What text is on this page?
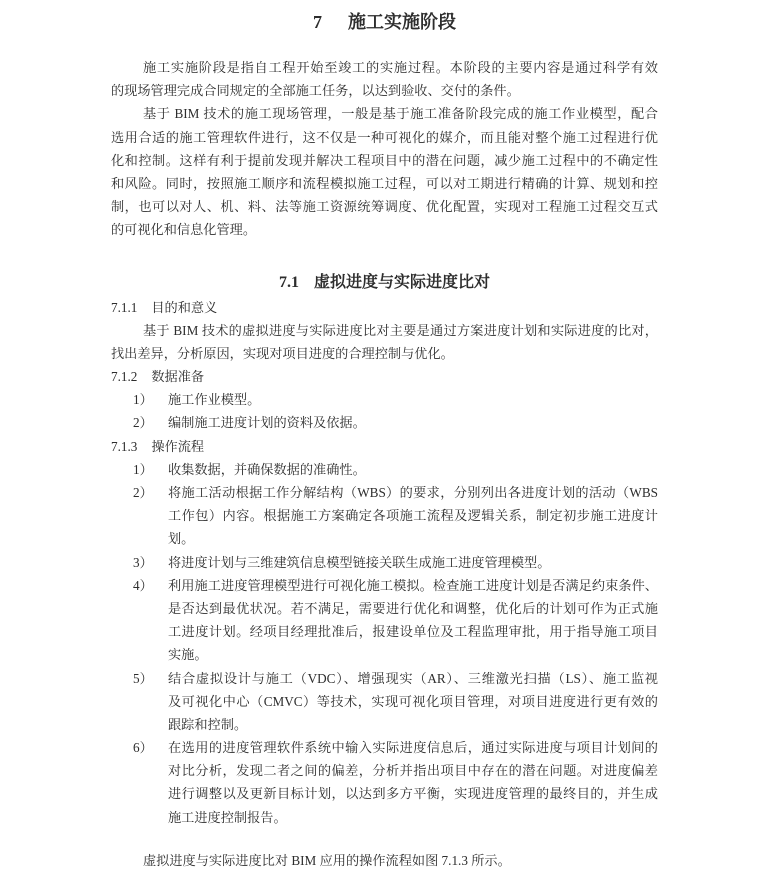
7 施工实施阶段
施工实施阶段是指自工程开始至竣工的实施过程。本阶段的主要内容是通过科学有效
的现场管理完成合同规定的全部施工任务，以达到验收、交付的条件。
基于 BIM 技术的施工现场管理，一般是基于施工准备阶段完成的施工作业模型，配合
选用合适的施工管理软件进行，这不仅是一种可视化的媒介，而且能对整个施工过程进行优
化和控制。这样有利于提前发现并解决工程项目中的潜在问题，减少施工过程中的不确定性
和风险。同时，按照施工顺序和流程模拟施工过程，可以对工期进行精确的计算、规划和控
制，也可以对人、机、料、法等施工资源统筹调度、优化配置，实现对工程施工过程交互式
的可视化和信息化管理。
7.1 虚拟进度与实际进度比对
7.1.1 目的和意义
基于 BIM 技术的虚拟进度与实际进度比对主要是通过方案进度计划和实际进度的比对，
找出差异，分析原因，实现对项目进度的合理控制与优化。
7.1.2 数据准备
1） 施工作业模型。
2） 编制施工进度计划的资料及依据。
7.1.3 操作流程
1） 收集数据，并确保数据的准确性。
2） 将施工活动根据工作分解结构（WBS）的要求，分别列出各进度计划的活动（WBS
工作包）内容。根据施工方案确定各项施工流程及逻辑关系，制定初步施工进度计
划。
3） 将进度计划与三维建筑信息模型链接关联生成施工进度管理模型。
4） 利用施工进度管理模型进行可视化施工模拟。检查施工进度计划是否满足约束条件、
是否达到最优状况。若不满足，需要进行优化和调整，优化后的计划可作为正式施
工进度计划。经项目经理批准后，报建设单位及工程监理审批，用于指导施工项目
实施。
5） 结合虚拟设计与施工（VDC）、增强现实（AR）、三维激光扫描（LS）、施工监视
及可视化中心（CMVC）等技术，实现可视化项目管理，对项目进度进行更有效的
跟踪和控制。
6） 在选用的进度管理软件系统中输入实际进度信息后，通过实际进度与项目计划间的
对比分析，发现二者之间的偏差，分析并指出项目中存在的潜在问题。对进度偏差
进行调整以及更新目标计划，以达到多方平衡，实现进度管理的最终目的，并生成
施工进度控制报告。
虚拟进度与实际进度比对 BIM 应用的操作流程如图 7.1.3 所示。
